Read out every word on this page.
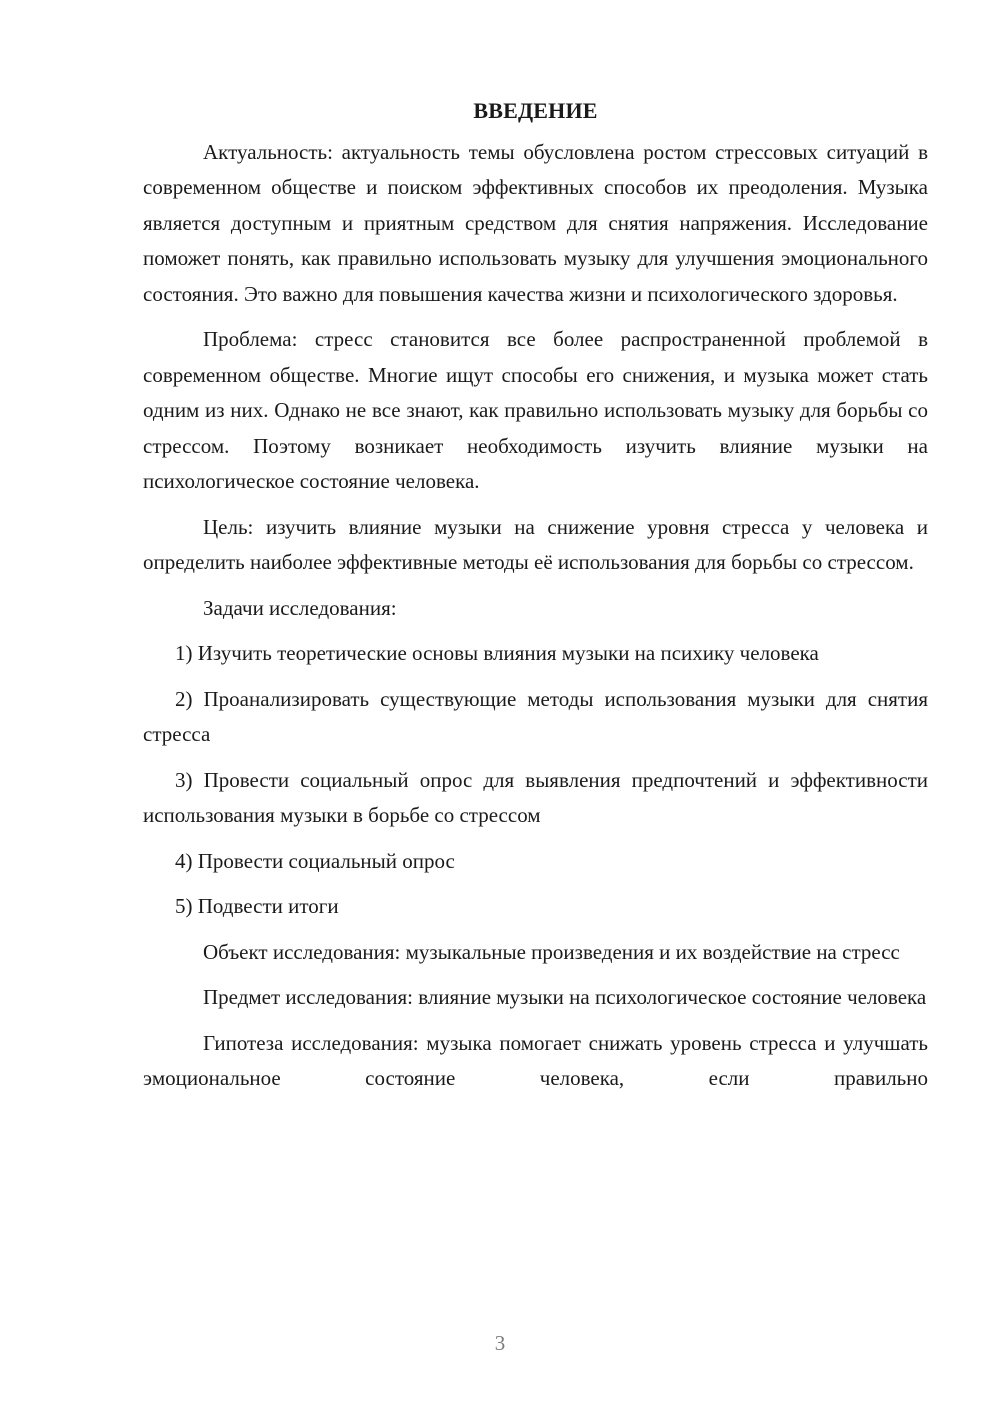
ВВЕДЕНИЕ

Актуальность: актуальность темы обусловлена ростом стрессовых ситуаций в современном обществе и поиском эффективных способов их преодоления. Музыка является доступным и приятным средством для снятия напряжения. Исследование поможет понять, как правильно использовать музыку для улучшения эмоционального состояния. Это важно для повышения качества жизни и психологического здоровья.

Проблема: стресс становится все более распространенной проблемой в современном обществе. Многие ищут способы его снижения, и музыка может стать одним из них. Однако не все знают, как правильно использовать музыку для борьбы со стрессом. Поэтому возникает необходимость изучить влияние музыки на психологическое состояние человека.

Цель: изучить влияние музыки на снижение уровня стресса у человека и определить наиболее эффективные методы её использования для борьбы со стрессом.

Задачи исследования:

1) Изучить теоретические основы влияния музыки на психику человека

2) Проанализировать существующие методы использования музыки для снятия стресса

3) Провести социальный опрос для выявления предпочтений и эффективности использования музыки в борьбе со стрессом

4) Провести социальный опрос

5) Подвести итоги

Объект исследования: музыкальные произведения и их воздействие на стресс

Предмет исследования: влияние музыки на психологическое состояние человека

Гипотеза исследования: музыка помогает снижать уровень стресса и улучшать эмоциональное состояние человека, если правильно

3
